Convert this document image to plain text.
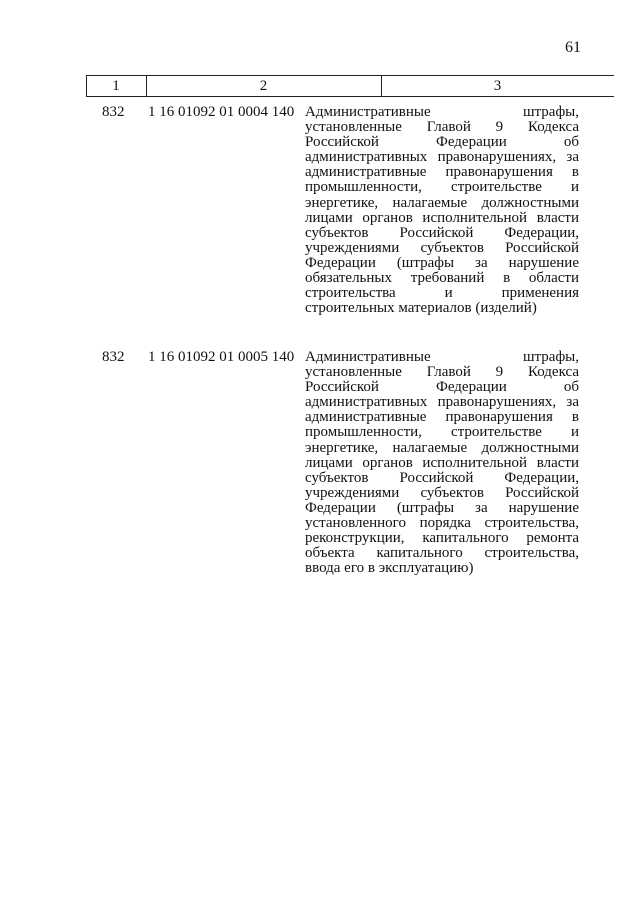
61
1	2	3
832 1 16 01092 01 0004 140 Административные штрафы,
установленные Главой 9 Кодекса
Российской Федерации об
административных правонарушениях, за
административные правонарушения в
промышленности, строительстве и
энергетике, налагаемые должностными
лицами органов исполнительной власти
субъектов Российской Федерации,
учреждениями субъектов Российской
Федерации (штрафы за нарушение
обязательных требований в области
строительства и применения
строительных материалов (изделий)
832 1 16 01092 01 0005 140 Административные штрафы,
установленные Главой 9 Кодекса
Российской Федерации об
административных правонарушениях, за
административные правонарушения в
промышленности, строительстве и
энергетике, налагаемые должностными
лицами органов исполнительной власти
субъектов Российской Федерации,
учреждениями субъектов Российской
Федерации (штрафы за нарушение
установленного порядка строительства,
реконструкции, капитального ремонта
объекта капитального строительства,
ввода его в эксплуатацию)
